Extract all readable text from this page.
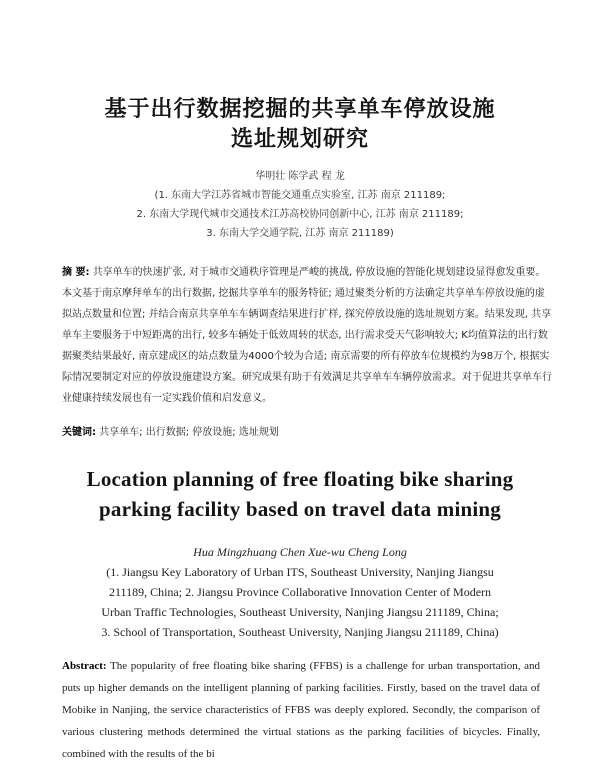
基于出行数据挖掘的共享单车停放设施
选址规划研究
华明壮 陈学武 程 龙
(1. 东南大学江苏省城市智能交通重点实验室, 江苏 南京 211189;
2. 东南大学现代城市交通技术江苏高校协同创新中心, 江苏 南京 211189;
3. 东南大学交通学院, 江苏 南京 211189)
摘 要: 共享单车的快速扩张, 对于城市交通秩序管理是严峻的挑战, 停放设施的智能化规划建设显得愈发重要。本文基于南京摩拜单车的出行数据, 挖掘共享单车的服务特征; 通过聚类分析的方法确定共享单车停放设施的虚拟站点数量和位置; 并结合南京共享单车车辆调查结果进行扩样, 探究停放设施的选址规划方案。结果发现, 共享单车主要服务于中短距离的出行, 较多车辆处于低效周转的状态, 出行需求受天气影响较大; K均值算法的出行数据聚类结果最好, 南京建成区的站点数量为4000个较为合适; 南京需要的所有停放车位规模约为98万个, 根据实际情况要制定对应的停放设施建设方案。研究成果有助于有效满足共享单车车辆停放需求。对于促进共享单车行业健康持续发展也有一定实践价值和启发意义。
关键词: 共享单车; 出行数据; 停放设施; 选址规划
Location planning of free floating bike sharing
parking facility based on travel data mining
Hua Mingzhuang Chen Xue-wu Cheng Long
(1. Jiangsu Key Laboratory of Urban ITS, Southeast University, Nanjing Jiangsu
211189, China; 2. Jiangsu Province Collaborative Innovation Center of Modern
Urban Traffic Technologies, Southeast University, Nanjing Jiangsu 211189, China;
3. School of Transportation, Southeast University, Nanjing Jiangsu 211189, China)
Abstract: The popularity of free floating bike sharing (FFBS) is a challenge for urban transportation, and puts up higher demands on the intelligent planning of parking facilities. Firstly, based on the travel data of Mobike in Nanjing, the service characteristics of FFBS was deeply explored. Secondly, the comparison of various clustering methods determined the virtual stations as the parking facilities of bicycles. Finally, combined with the results of the bi
